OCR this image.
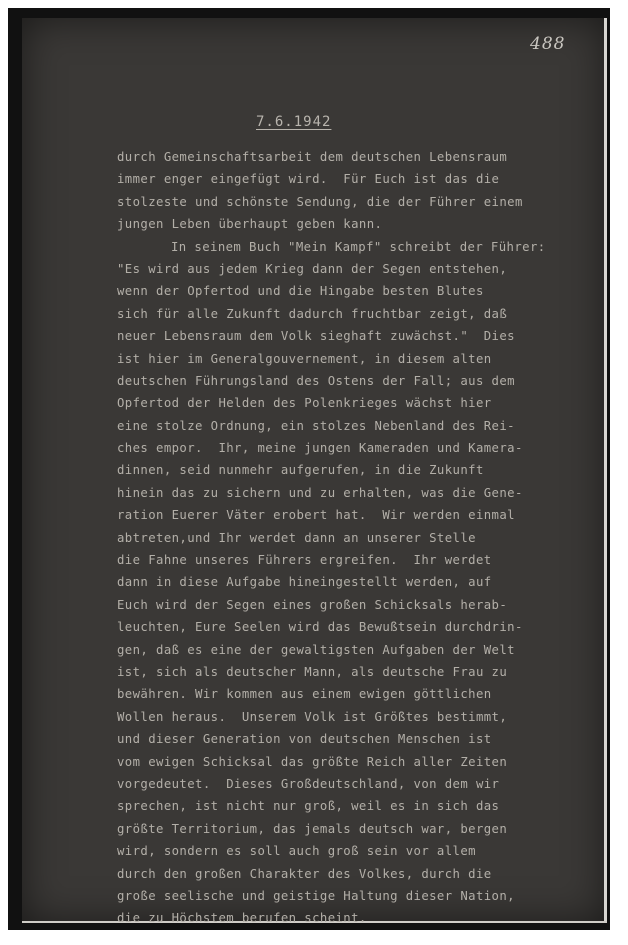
488
7.6.1942
durch Gemeinschaftsarbeit dem deutschen Lebensraum
immer enger eingefügt wird.  Für Euch ist das die
stolzeste und schönste Sendung, die der Führer einem
jungen Leben überhaupt geben kann.
In seinem Buch "Mein Kampf" schreibt der Führer:
"Es wird aus jedem Krieg dann der Segen entstehen,
wenn der Opfertod und die Hingabe besten Blutes
sich für alle Zukunft dadurch fruchtbar zeigt, daß
neuer Lebensraum dem Volk sieghaft zuwächst."  Dies
ist hier im Generalgouvernement, in diesem alten
deutschen Führungsland des Ostens der Fall; aus dem
Opfertod der Helden des Polenkrieges wächst hier
eine stolze Ordnung, ein stolzes Nebenland des Rei-
ches empor.  Ihr, meine jungen Kameraden und Kamera-
dinnen, seid nunmehr aufgerufen, in die Zukunft
hinein das zu sichern und zu erhalten, was die Gene-
ration Euerer Väter erobert hat.  Wir werden einmal
abtreten,und Ihr werdet dann an unserer Stelle
die Fahne unseres Führers ergreifen.  Ihr werdet
dann in diese Aufgabe hineingestellt werden, auf
Euch wird der Segen eines großen Schicksals herab-
leuchten, Eure Seelen wird das Bewußtsein durchdrin-
gen, daß es eine der gewaltigsten Aufgaben der Welt
ist, sich als deutscher Mann, als deutsche Frau zu
bewähren. Wir kommen aus einem ewigen göttlichen
Wollen heraus.  Unserem Volk ist Größtes bestimmt,
und dieser Generation von deutschen Menschen ist
vom ewigen Schicksal das größte Reich aller Zeiten
vorgedeutet.  Dieses Großdeutschland, von dem wir
sprechen, ist nicht nur groß, weil es in sich das
größte Territorium, das jemals deutsch war, bergen
wird, sondern es soll auch groß sein vor allem
durch den großen Charakter des Volkes, durch die
große seelische und geistige Haltung dieser Nation,
die zu Höchstem berufen scheint.
